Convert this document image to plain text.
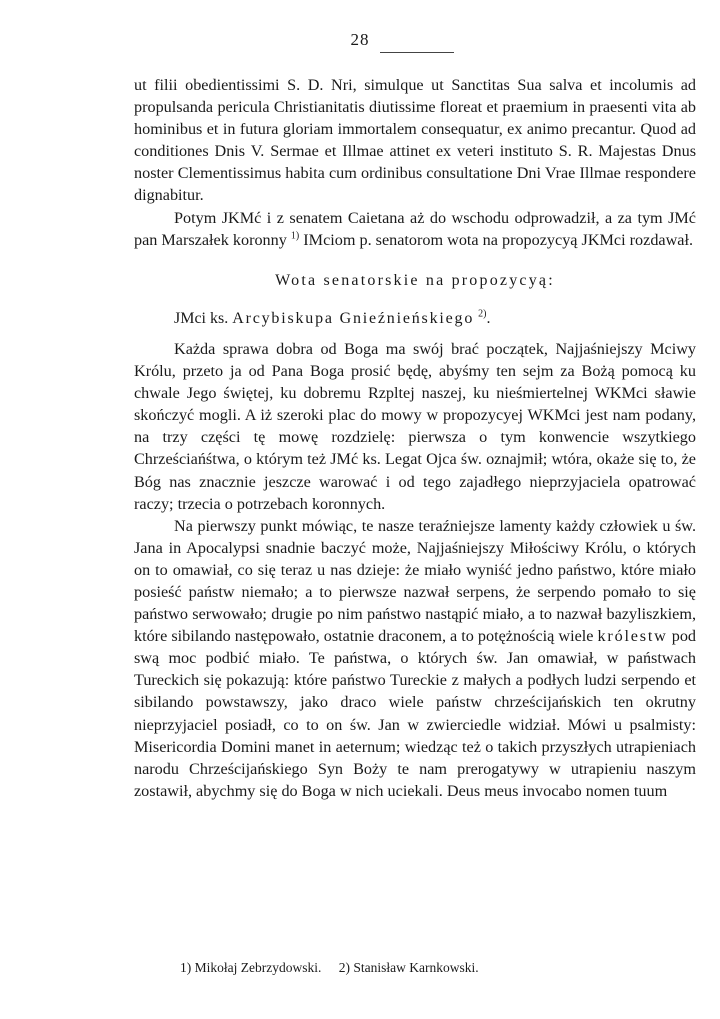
28

ut filii obedientissimi S. D. Nri, simulque ut Sanctitas Sua salva et incolumis ad propulsanda pericula Christianitatis diutissime floreat et praemium in praesenti vita ab hominibus et in futura gloriam immortalem consequatur, ex animo precantur. Quod ad conditiones Dnis V. Sermae et Illmae attinet ex veteri instituto S. R. Majestas Dnus noster Clementissimus habita cum ordinibus consultatione Dni Vrae Illmae respondere dignabitur.

Potym JKMć i z senatem Caietana aż do wschodu odprowadził, a za tym JMć pan Marszałek koronny $^{1)}$ IMciom p. senatorom wota na propozycyą JKMci rozdawał.

Wota senatorskie na propozycyą:

JMci ks. Arcybiskupa Gnieźnieńskiego $^{2)}$.

Każda sprawa dobra od Boga ma swój brać początek, Najjaśniejszy Mciwy Królu, przeto ja od Pana Boga prosić będę, abyśmy ten sejm za Bożą pomocą ku chwale Jego świętej, ku dobremu Rzpltej naszej, ku nieśmiertelnej WKMci sławie skończyć mogli. A iż szeroki plac do mowy w propozycyej WKMci jest nam podany, na trzy części tę mowę rozdzielę: pierwsza o tym konwencie wszytkiego Chrześciańśtwa, o którym też JMć ks. Legat Ojca św. oznajmił; wtóra, okaże się to, że Bóg nas znacznie jeszcze warować i od tego zajadłego nieprzyjaciela opatrować raczy; trzecia o potrzebach koronnych.

Na pierwszy punkt mówiąc, te nasze teraźniejsze lamenty każdy człowiek u św. Jana in Apocalypsi snadnie baczyć może, Najjaśniejszy Miłościwy Królu, o których on to omawiał, co się teraz u nas dzieje: że miało wyniść jedno państwo, które miało posieść państw niemało; a to pierwsze nazwał serpens, że serpendo pomało to się państwo serwowało; drugie po nim państwo nastąpić miało, a to nazwał bazyliszkiem, które sibilando następowało, ostatnie draconem, a to potężnością wiele królestw pod swą moc podbić miało. Te państwa, o których św. Jan omawiał, w państwach Tureckich się pokazują: które państwo Tureckie z małych a podłych ludzi serpendo et sibilando powstawszy, jako draco wiele państw chrześcijańskich ten okrutny nieprzyjaciel posiadł, co to on św. Jan w zwierciedle widział. Mówi u psalmisty: Misericordia Domini manet in aeternum; wiedząc też o takich przyszłych utrapieniach narodu Chrześcijańskiego Syn Boży te nam prerogatywy w utrapieniu naszym zostawił, abychmy się do Boga w nich uciekali. Deus meus invocabo nomen tuum

1) Mikołaj Zebrzydowski. 2) Stanisław Karnkowski.
